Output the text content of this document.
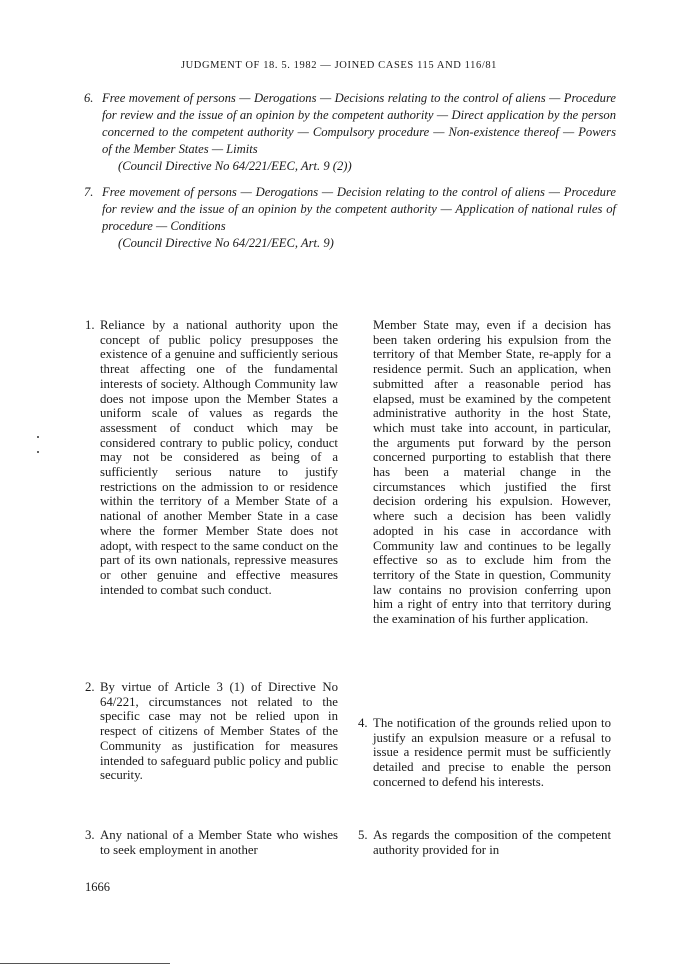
JUDGMENT OF 18. 5. 1982 — JOINED CASES 115 AND 116/81
6. Free movement of persons — Derogations — Decisions relating to the control of aliens — Procedure for review and the issue of an opinion by the competent authority — Direct application by the person concerned to the competent authority — Compulsory procedure — Non-existence thereof — Powers of the Member States — Limits
(Council Directive No 64/221/EEC, Art. 9 (2))
7. Free movement of persons — Derogations — Decision relating to the control of aliens — Procedure for review and the issue of an opinion by the competent authority — Application of national rules of procedure — Conditions
(Council Directive No 64/221/EEC, Art. 9)
1. Reliance by a national authority upon the concept of public policy presupposes the existence of a genuine and sufficiently serious threat affecting one of the fundamental interests of society. Although Community law does not impose upon the Member States a uniform scale of values as regards the assessment of conduct which may be considered contrary to public policy, conduct may not be considered as being of a sufficiently serious nature to justify restrictions on the admission to or residence within the territory of a Member State of a national of another Member State in a case where the former Member State does not adopt, with respect to the same conduct on the part of its own nationals, repressive measures or other genuine and effective measures intended to combat such conduct.
2. By virtue of Article 3 (1) of Directive No 64/221, circumstances not related to the specific case may not be relied upon in respect of citizens of Member States of the Community as justification for measures intended to safeguard public policy and public security.
3. Any national of a Member State who wishes to seek employment in another
Member State may, even if a decision has been taken ordering his expulsion from the territory of that Member State, re-apply for a residence permit. Such an application, when submitted after a reasonable period has elapsed, must be examined by the competent administrative authority in the host State, which must take into account, in particular, the arguments put forward by the person concerned purporting to establish that there has been a material change in the circumstances which justified the first decision ordering his expulsion. However, where such a decision has been validly adopted in his case in accordance with Community law and continues to be legally effective so as to exclude him from the territory of the State in question, Community law contains no provision conferring upon him a right of entry into that territory during the examination of his further application.
4. The notification of the grounds relied upon to justify an expulsion measure or a refusal to issue a residence permit must be sufficiently detailed and precise to enable the person concerned to defend his interests.
5. As regards the composition of the competent authority provided for in
1666
